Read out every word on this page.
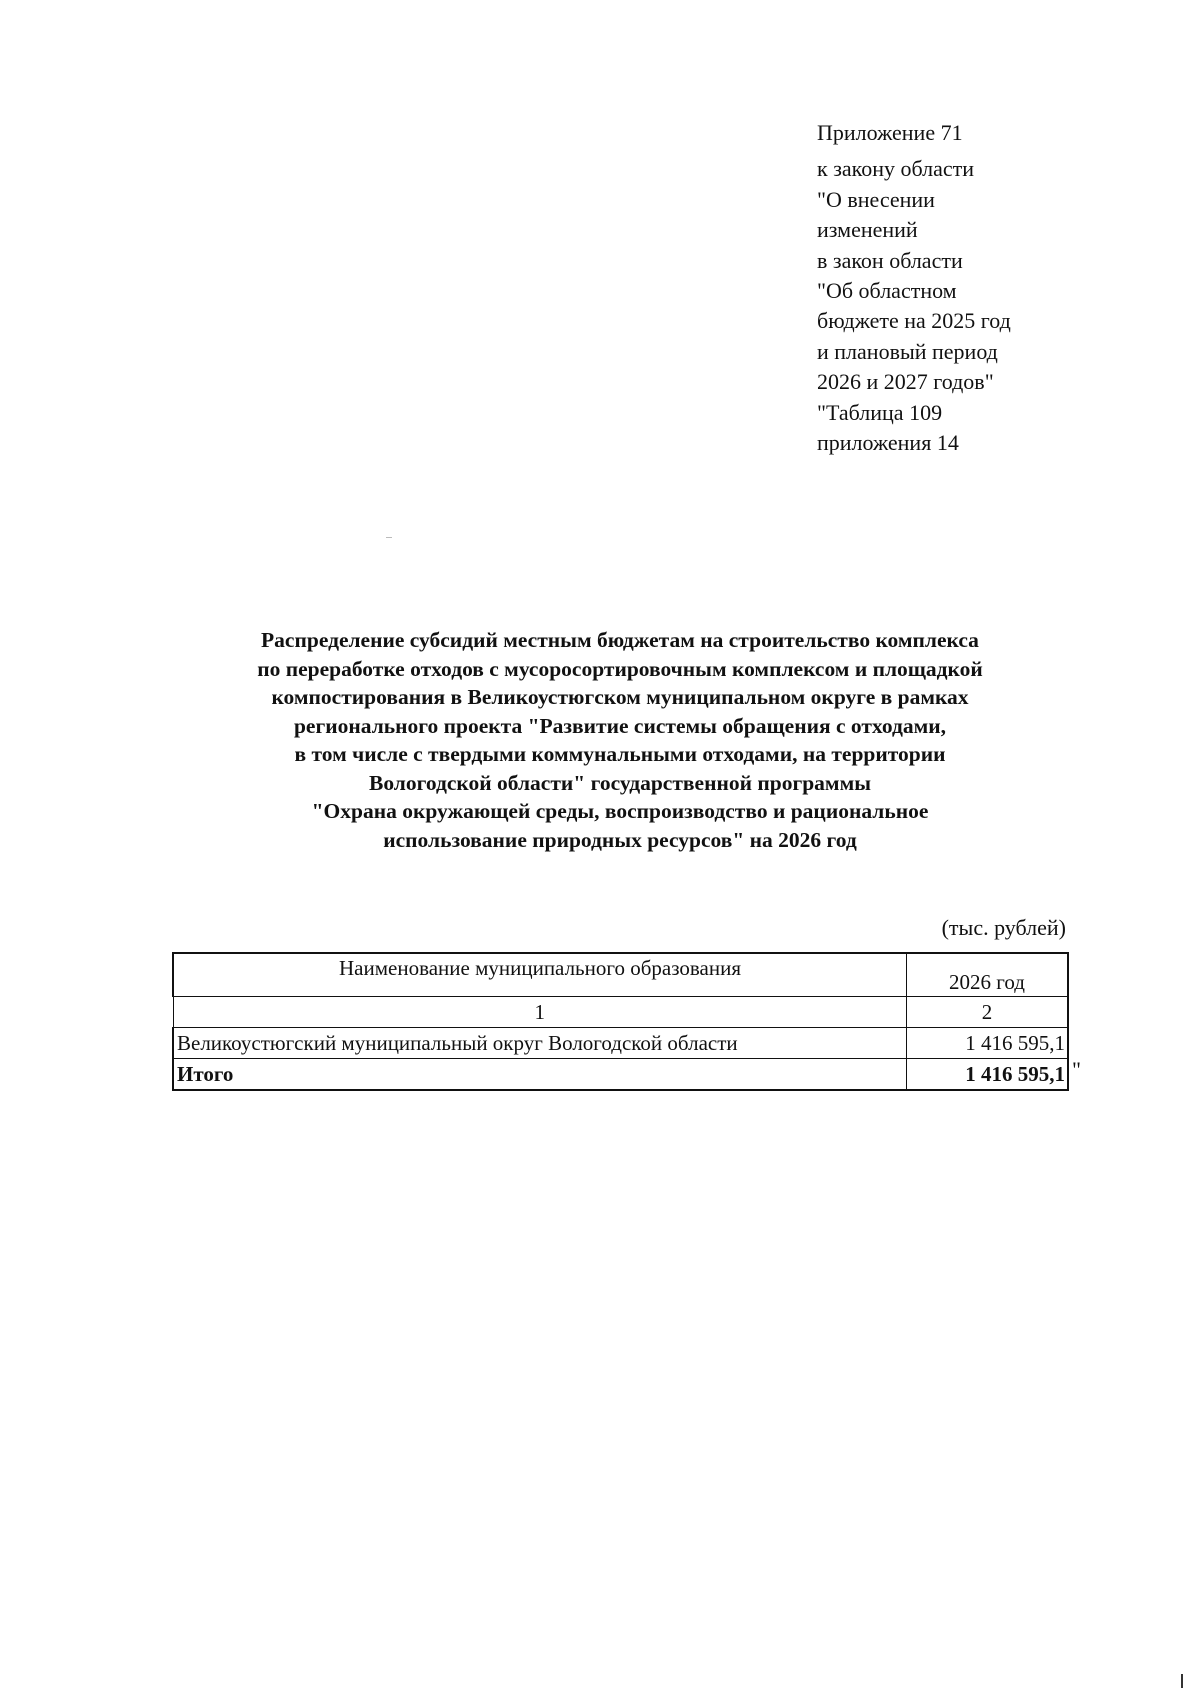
Приложение 71
к закону области
"О внесении
изменений
в закон области
"Об областном
бюджете на 2025 год
и плановый период
2026 и 2027 годов"
"Таблица 109
приложения 14
Распределение субсидий местным бюджетам на строительство комплекса
по переработке отходов с мусоросортировочным комплексом и площадкой
компостирования в Великоустюгском муниципальном округе в рамках
регионального проекта "Развитие системы обращения с отходами,
в том числе с твердыми коммунальными отходами, на территории
Вологодской области" государственной программы
"Охрана окружающей среды, воспроизводство и рациональное
использование природных ресурсов" на 2026 год
(тыс. рублей)
Наименование муниципального образования	2026 год
1	2
Великоустюгский муниципальный округ Вологодской области	1 416 595,1
Итого	1 416 595,1 "
